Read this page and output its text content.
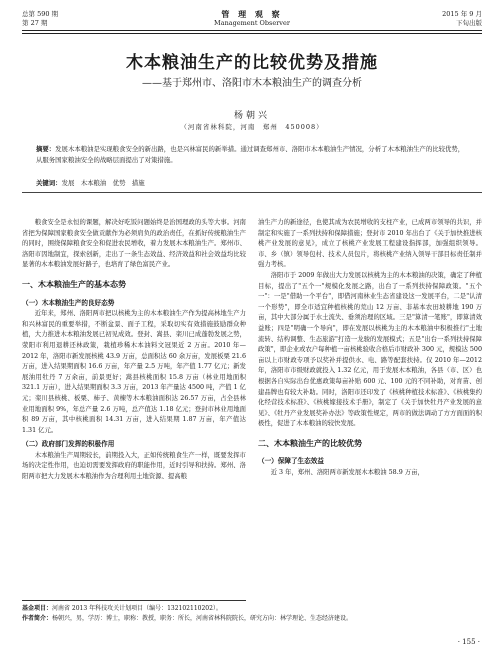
总第 590 期
第 27 期
管 理 观 察
Management Observer
2015 年 9 月
下旬出版
木本粮油生产的比较优势及措施
——基于郑州市、洛阳市木本粮油生产的调查分析
杨朝兴
（河南省林科院，河南　郑州　450008）
摘要：发展木本粮油是实现粮食安全的新出路，也是兴林富民的新举措。通过调查郑州市、洛阳市木本粮油生产情况，分析了木本粮油生产的比较优势，从服务国家粮油安全的战略层面提出了对策措施。
关键词：发展　木本粮油　优势　措施

粮食安全是永恒的课题，解决好吃饭问题始终是治国理政的头等大事。河南省把为保障国家粮食安全做贡献作为必须肩负的政治责任，在抓好传统粮油生产的同时，围绕保障粮食安全和促进农民增收，着力发展木本粮油生产。郑州市、洛阳市因地制宜，探索创新，走出了一条生态效益、经济效益和社会效益均比较显著的木本粮油发展好路子，也培育了绿色富民产业。

一、木本粮油生产的基本态势
（一）木本粮油生产的良好态势

近年来，郑州、洛阳两市把以核桃为主的木本粮油生产作为提高林地生产力和兴林富民的重要举措，不断盆景、面子工程，采取切实有效措施鼓励群众种植，大力推进木本粮油发展已初见成效。登封、嵩县、栾川已成蓬勃发展之势，荥阳市利用退耕还林政策，栽植珍稀木本油料文冠果近 2 万亩。2010 年—2012 年，洛阳市新发展核桃 43.9 万亩，总面积达 60 余万亩，发展板栗 21.6 万亩，进入结果期面积 16.6 万亩，年产量 2.5 万吨，年产值 1.77 亿元；新发展油用牡丹 7 万余亩，前景更好；嵩县核桃面积 15.8 万亩（林业用地面积 321.1 万亩），进入结果期面积 3.3 万亩，2013 年产量达 4500 吨，产值 1 亿元；栾川县核桃、板栗、柿子、黄楝等木本粮油面积达 26.57 万亩，占全县林业用地面积 9%，年总产量 2.6 万吨，总产值达 1.18 亿元；登封市林业用地面积 89 万亩，其中核桃面积 14.31 万亩，进入结果期 1.87 万亩，年产值达 1.31 亿元。

（二）政府部门发挥的积极作用

木本粮油生产周期较长，前期投入大，正如传统粮食生产一样，既要发挥市场的决定性作用，也迫切需要发挥政府的职能作用，近时引导和扶持。郑州、洛阳两市把大力发展木本粮油作为合理利用土地资源、提高粮

油生产力的新途径，也使其成为农民增收的支柱产业，已成两市领导的共识，并制定和实施了一系列扶持和保障措施；登封市 2010 年出台了《关于加快推进核桃产业发展的意见》，成立了核桃产业发展工程建设指挥部，加强组织领导。市、乡（镇）领导包村、技术人员包片，将核桃产业纳入领导干部目标责任制并强力考核。

洛阳市于 2009 年做出大力发展以核桃为主的木本粮油的决策，确定了种植目标，提出了"五个一"规模化发展之路，出台了一系列扶持保障政策。"五个一"：一是"借助一个平台"，即借河南林业生态省建设这一发展平台，二是"认清一个形势"，即全市适宜种植核桃的荒山 12 万亩、非基本农田坡耕地 190 万亩，其中大部分属于水土流失、垂须治理的区域。三是"算清一笔账"，即算清效益账；四是"明确一个导向"，即在发展以核桃为主的木本粮油中积极推行"土地流转、结构调整、生态旅游"打造一龙骏的发展模式；五是"出台一系列扶持保障政策"，即企业或农户每种植一亩核桃验收合格后市财政补 300 元，规模达 500 亩以上市财政专项予以奖补并提供水、电、路等配套扶持。仅 2010 年—2012 年，洛阳市市级财政就投入 1.32 亿元，用于发展木本粮油，各县（市、区）也根据各自实际出台优惠政策每亩补贴 600 元、100 元的不同补助，对育苗、创建品牌也有较大补助。同时，洛阳市还印发了《核桃种植技术标准》、《核桃集约化经营技术标准》、《核桃嫁接技术手册》，制定了《关于加快牡丹产业发展的意见》、《牡丹产业发展奖补办法》等政策性规定，两市的做法调动了方方面面的积极性，促进了木本粮油的较快发展。

二、木本粮油生产的比较优势
（一）保障了生态效益

近 3 年，郑州、洛阳两市新发展木本粮油 58.9 万亩，

基金项目：河南省 2013 年科技攻关计划项目（编号：132102110202）。
作者简介：杨朝兴，男，学历：博士，职称：教授，职务：所长，河南省林科院院长，研究方向：林学理论、生态经济建设。
· 155 ·
